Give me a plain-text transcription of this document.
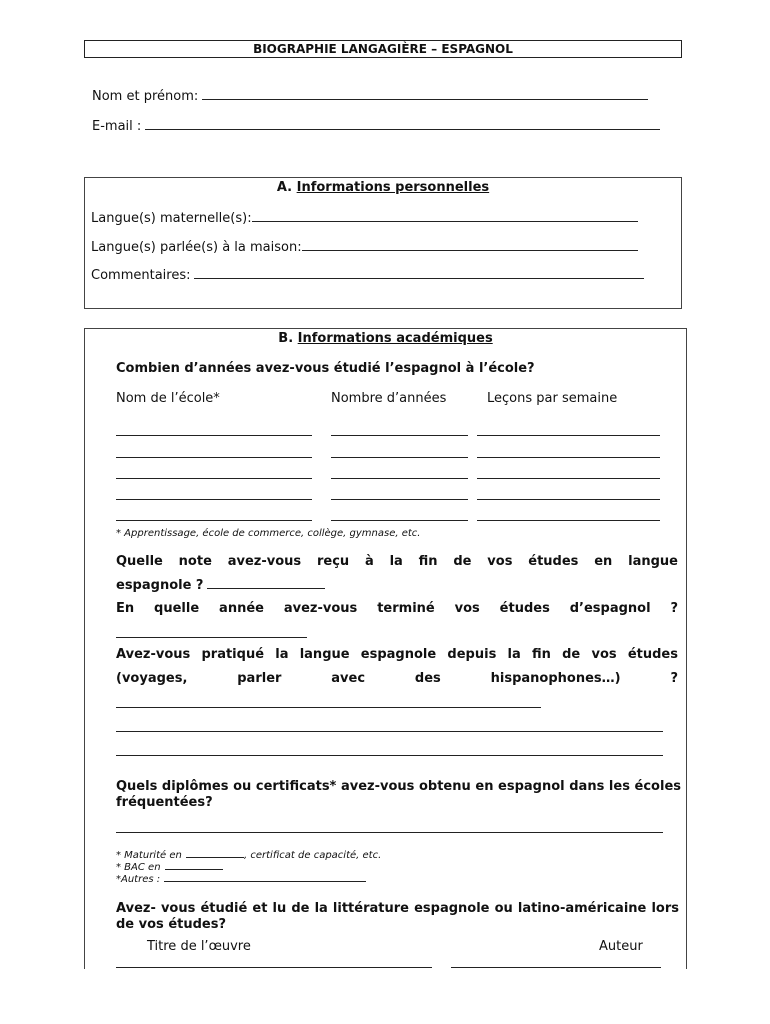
BIOGRAPHIE LANGAGIÈRE – ESPAGNOL
Nom et prénom:
E-mail :
A. Informations personnelles
Langue(s) maternelle(s):
Langue(s) parlée(s) à la maison:
Commentaires:
B. Informations académiques
Combien d’années avez-vous étudié l’espagnol à l’école?
Nom de l’école*	Nombre d’années	Leçons par semaine
* Apprentissage, école de commerce, collège, gymnase, etc.
Quelle note avez-vous reçu à la fin de vos études en langue
espagnole ?
En quelle année avez-vous terminé vos études d’espagnol ?
Avez-vous pratiqué la langue espagnole depuis la fin de vos études
(voyages, parler avec des hispanophones…) ?
Quels diplômes ou certificats* avez-vous obtenu en espagnol dans les écoles fréquentées?
* Maturité en	, certificat de capacité, etc.
* BAC en
*Autres :
Avez- vous étudié et lu de la littérature espagnole ou latino-américaine lors de vos études?
Titre de l’œuvre	Auteur
